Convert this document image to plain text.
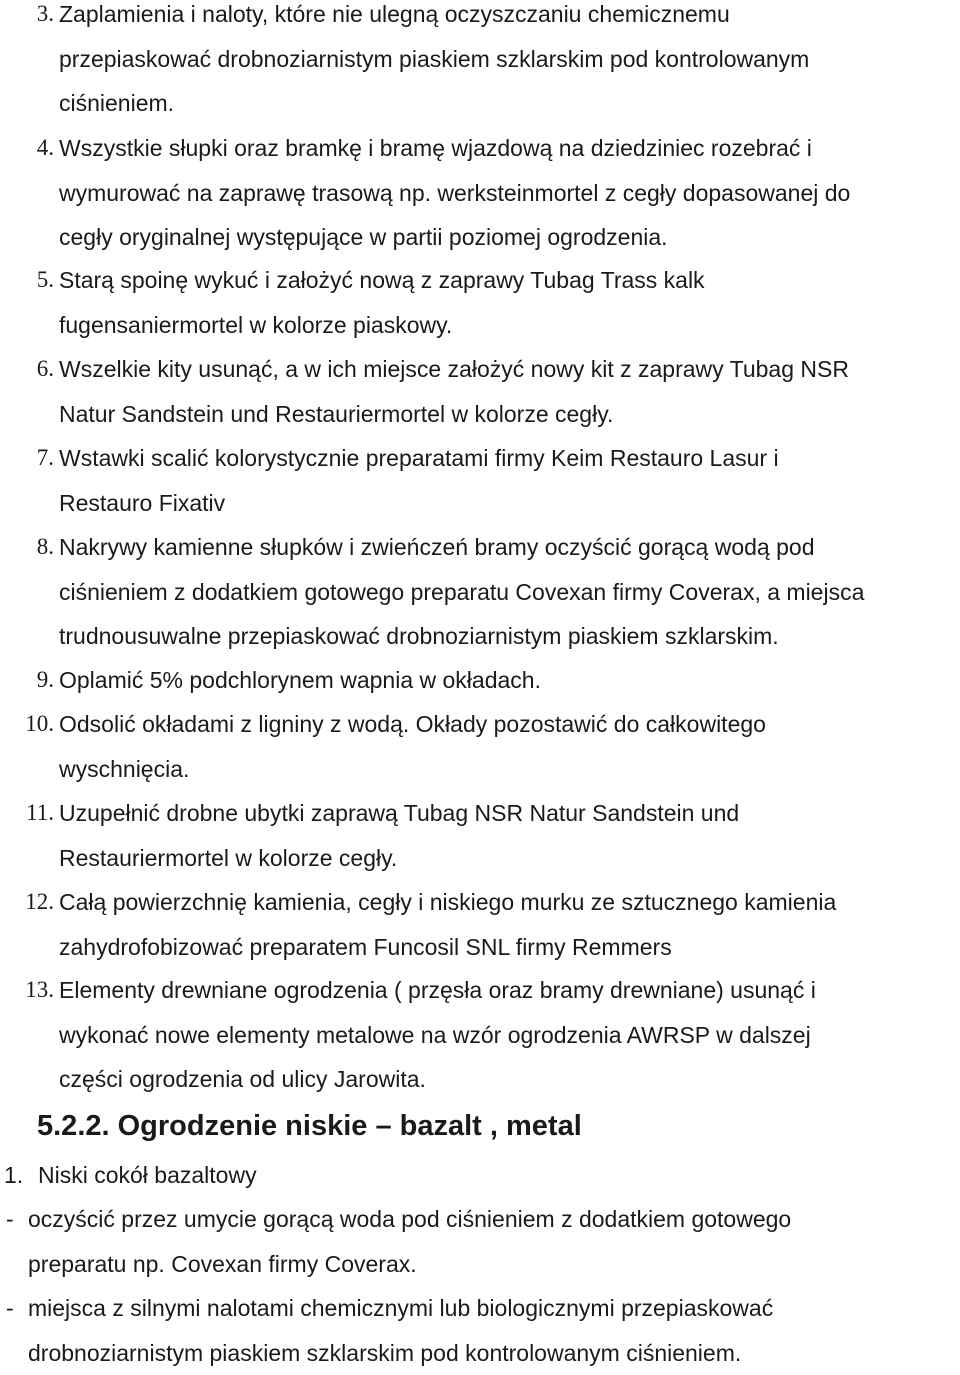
3. Zaplamienia i naloty, które nie ulegną oczyszczaniu chemicznemu
przepiaskować drobnoziarnistym piaskiem szklarskim pod kontrolowanym
ciśnieniem.
4. Wszystkie słupki oraz bramkę i bramę wjazdową na dziedziniec rozebrać i
wymurować na zaprawę trasową np. werksteinmortel z cegły dopasowanej do
cegły oryginalnej występujące w partii poziomej ogrodzenia.
5. Starą spoinę wykuć i założyć nową z zaprawy Tubag Trass kalk
fugensaniermortel w kolorze piaskowy.
6. Wszelkie kity usunąć, a w ich miejsce założyć nowy kit z zaprawy Tubag NSR
Natur Sandstein und Restauriermortel w kolorze cegły.
7. Wstawki scalić kolorystycznie preparatami firmy Keim Restauro Lasur i
Restauro Fixativ
8. Nakrywy kamienne słupków i zwieńczeń bramy oczyścić gorącą wodą pod
ciśnieniem z dodatkiem gotowego preparatu Covexan firmy Coverax, a miejsca
trudnousuwalne przepiaskować drobnoziarnistym piaskiem szklarskim.
9. Oplamić 5% podchlorynem wapnia w okładach.
10. Odsolić okładami z ligniny z wodą. Okłady pozostawić do całkowitego
wyschnięcia.
11. Uzupełnić drobne ubytki zaprawą Tubag NSR Natur Sandstein und
Restauriermortel w kolorze cegły.
12. Całą powierzchnię kamienia, cegły i niskiego murku ze sztucznego kamienia
zahydrofobizować preparatem Funcosil SNL firmy Remmers
13. Elementy drewniane ogrodzenia ( przęsła oraz bramy drewniane) usunąć i
wykonać nowe elementy metalowe na wzór ogrodzenia AWRSP w dalszej
części ogrodzenia od ulicy Jarowita.
5.2.2. Ogrodzenie niskie – bazalt , metal
1. Niski cokół bazaltowy
- oczyścić przez umycie gorącą woda pod ciśnieniem z dodatkiem gotowego
preparatu np. Covexan firmy Coverax.
- miejsca z silnymi nalotami chemicznymi lub biologicznymi przepiaskować
drobnoziarnistym piaskiem szklarskim pod kontrolowanym ciśnieniem.
